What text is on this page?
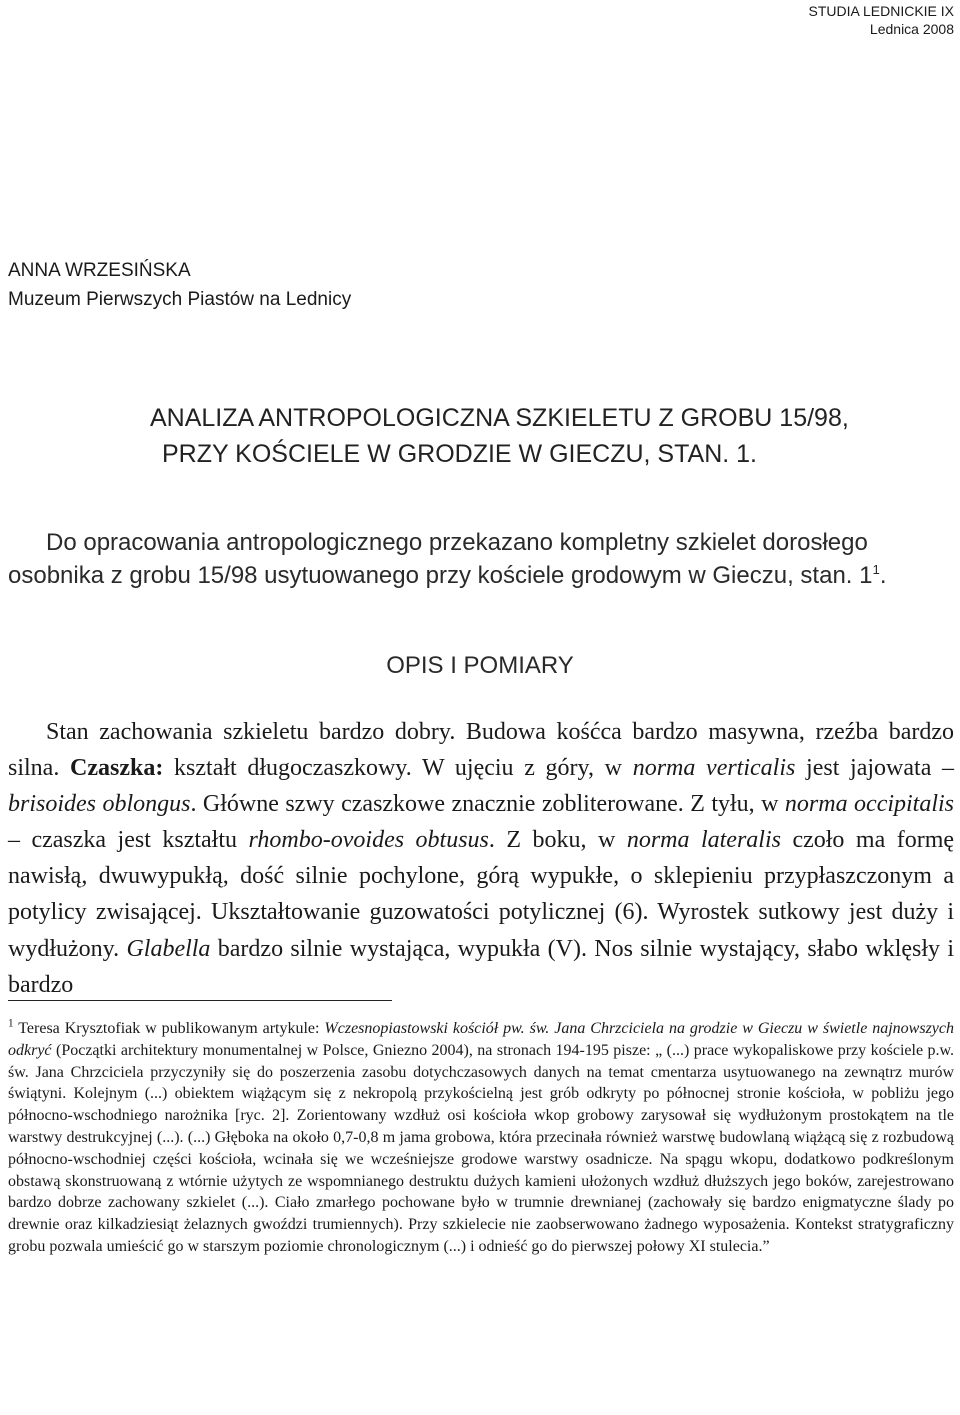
STUDIA LEDNICKIE IX
Lednica 2008
ANNA WRZESIŃSKA
Muzeum Pierwszych Piastów na Lednicy
ANALIZA ANTROPOLOGICZNA SZKIELETU Z GROBU 15/98,
PRZY KOŚCIELE W GRODZIE W GIECZU, STAN. 1.
Do opracowania antropologicznego przekazano kompletny szkielet dorosłego osobnika z grobu 15/98 usytuowanego przy kościele grodowym w Gieczu, stan. $1^1$.
OPIS I POMIARY
Stan zachowania szkieletu bardzo dobry. Budowa kośćca bardzo masywna, rzeźba bardzo silna. Czaszka: kształt długoczaszkowy. W ujęciu z góry, w norma verticalis jest jajowata – brisoides oblongus. Główne szwy czaszkowe znacznie zobliterowane. Z tyłu, w norma occipitalis – czaszka jest kształtu rhombo-ovoides obtusus. Z boku, w norma lateralis czoło ma formę nawisłą, dwuwypukłą, dość silnie pochylone, górą wypukłe, o sklepieniu przypłaszczonym a potylicy zwisającej. Ukształtowanie guzowatości potylicznej (6). Wyrostek sutkowy jest duży i wydłużony. Glabella bardzo silnie wystająca, wypukła (V). Nos silnie wystający, słabo wklęsły i bardzo
$^1$ Teresa Krysztofiak w publikowanym artykule: Wczesnopiastowski kościół pw. św. Jana Chrzciciela na grodzie w Gieczu w świetle najnowszych odkryć (Początki architektury monumentalnej w Polsce, Gniezno 2004), na stronach 194-195 pisze: „ (...) prace wykopaliskowe przy kościele p.w. św. Jana Chrzciciela przyczyniły się do poszerzenia zasobu dotychczasowych danych na temat cmentarza usytuowanego na zewnątrz murów świątyni. Kolejnym (...) obiektem wiążącym się z nekropolą przykościelną jest grób odkryty po północnej stronie kościoła, w pobliżu jego północno-wschodniego narożnika [ryc. 2]. Zorientowany wzdłuż osi kościoła wkop grobowy zarysował się wydłużonym prostokątem na tle warstwy destrukcyjnej (...). (...) Głęboka na około 0,7-0,8 m jama grobowa, która przecinała również warstwę budowlaną wiążącą się z rozbudową północno-wschodniej części kościoła, wcinała się we wcześniejsze grodowe warstwy osadnicze. Na spągu wkopu, dodatkowo podkreślonym obstawą skonstruowaną z wtórnie użytych ze wspomnianego destruktu dużych kamieni ułożonych wzdłuż dłuższych jego boków, zarejestrowano bardzo dobrze zachowany szkielet (...). Ciało zmarłego pochowane było w trumnie drewnianej (zachowały się bardzo enigmatyczne ślady po drewnie oraz kilkadziesiąt żelaznych gwoździ trumiennych). Przy szkielecie nie zaobserwowano żadnego wyposażenia. Kontekst stratygraficzny grobu pozwala umieścić go w starszym poziomie chronologicznym (...) i odnieść go do pierwszej połowy XI stulecia.”
